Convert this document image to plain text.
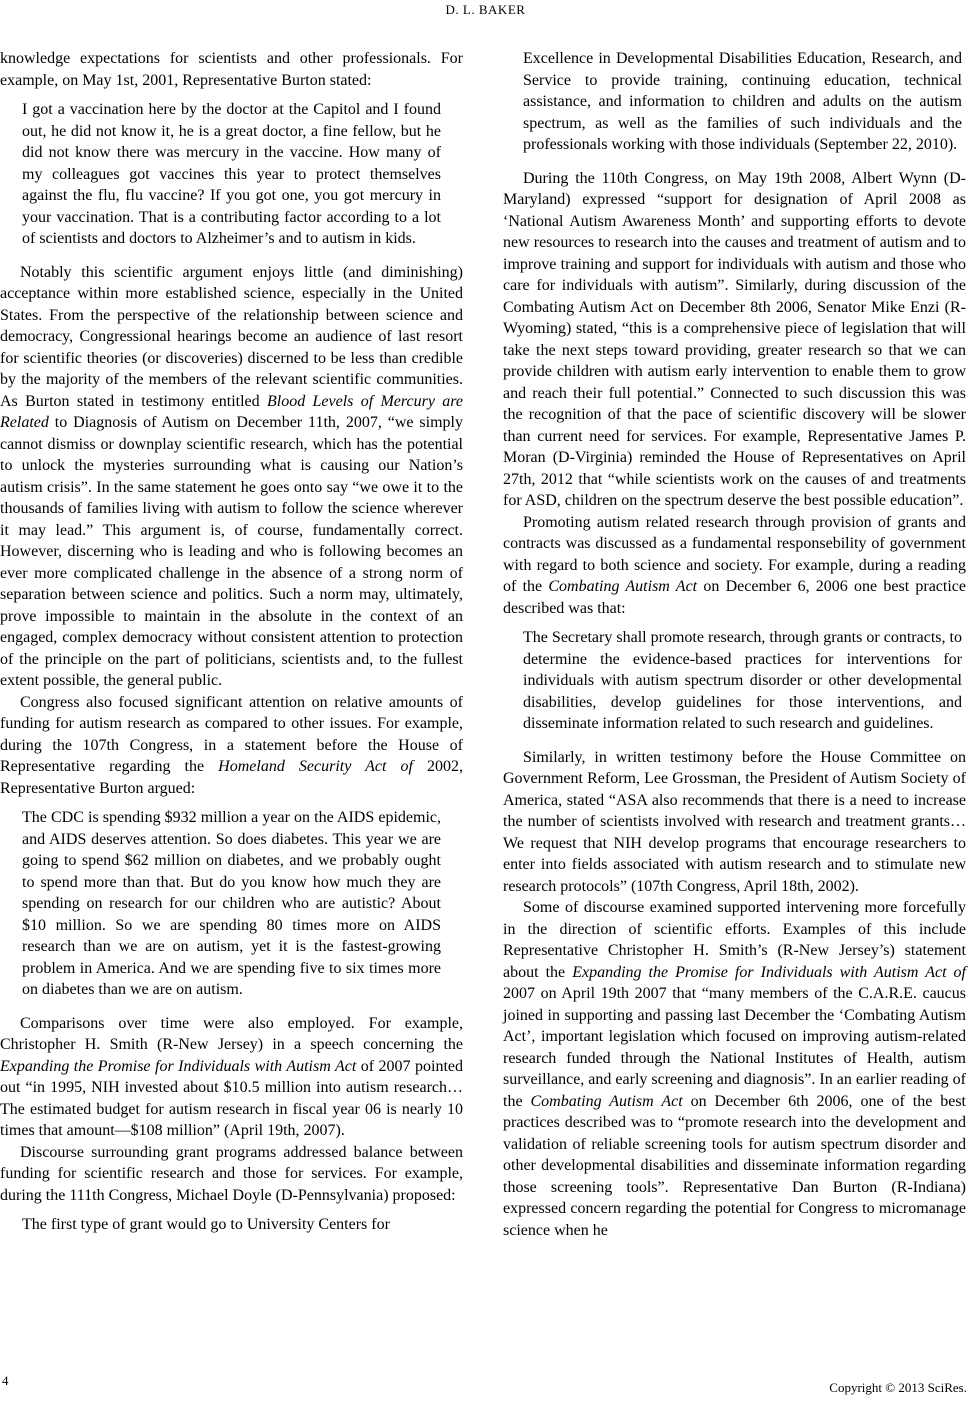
D. L. BAKER

knowledge expectations for scientists and other professionals. For example, on May 1st, 2001, Representative Burton stated:

I got a vaccination here by the doctor at the Capitol and I found out, he did not know it, he is a great doctor, a fine fellow, but he did not know there was mercury in the vaccine. How many of my colleagues got vaccines this year to protect themselves against the flu, flu vaccine? If you got one, you got mercury in your vaccination. That is a contributing factor according to a lot of scientists and doctors to Alzheimer’s and to autism in kids.

Notably this scientific argument enjoys little (and diminishing) acceptance within more established science, especially in the United States. From the perspective of the relationship between science and democracy, Congressional hearings become an audience of last resort for scientific theories (or discoveries) discerned to be less than credible by the majority of the members of the relevant scientific communities. As Burton stated in testimony entitled Blood Levels of Mercury are Related to Diagnosis of Autism on December 11th, 2007, “we simply cannot dismiss or downplay scientific research, which has the potential to unlock the mysteries surrounding what is causing our Nation’s autism crisis”. In the same statement he goes onto say “we owe it to the thousands of families living with autism to follow the science wherever it may lead.” This argument is, of course, fundamentally correct. However, discerning who is leading and who is following becomes an ever more complicated challenge in the absence of a strong norm of separation between science and politics. Such a norm may, ultimately, prove impossible to maintain in the absolute in the context of an engaged, complex democracy without consistent attention to protection of the principle on the part of politicians, scientists and, to the fullest extent possible, the general public.

Congress also focused significant attention on relative amounts of funding for autism research as compared to other issues. For example, during the 107th Congress, in a statement before the House of Representative regarding the Homeland Security Act of 2002, Representative Burton argued:

The CDC is spending $932 million a year on the AIDS epidemic, and AIDS deserves attention. So does diabetes. This year we are going to spend $62 million on diabetes, and we probably ought to spend more than that. But do you know how much they are spending on research for our children who are autistic? About $10 million. So we are spending 80 times more on AIDS research than we are on autism, yet it is the fastest-growing problem in America. And we are spending five to six times more on diabetes than we are on autism.

Comparisons over time were also employed. For example, Christopher H. Smith (R-New Jersey) in a speech concerning the Expanding the Promise for Individuals with Autism Act of 2007 pointed out “in 1995, NIH invested about $10.5 million into autism research… The estimated budget for autism research in fiscal year 06 is nearly 10 times that amount—$108 million” (April 19th, 2007).

Discourse surrounding grant programs addressed balance between funding for scientific research and those for services. For example, during the 111th Congress, Michael Doyle (D-Pennsylvania) proposed:

The first type of grant would go to University Centers for

Excellence in Developmental Disabilities Education, Research, and Service to provide training, continuing education, technical assistance, and information to children and adults on the autism spectrum, as well as the families of such individuals and the professionals working with those individuals (September 22, 2010).

During the 110th Congress, on May 19th 2008, Albert Wynn (D-Maryland) expressed “support for designation of April 2008 as ‘National Autism Awareness Month’ and supporting efforts to devote new resources to research into the causes and treatment of autism and to improve training and support for individuals with autism and those who care for individuals with autism”. Similarly, during discussion of the Combating Autism Act on December 8th 2006, Senator Mike Enzi (R-Wyoming) stated, “this is a comprehensive piece of legislation that will take the next steps toward providing, greater research so that we can provide children with autism early intervention to enable them to grow and reach their full potential.” Connected to such discussion this was the recognition of that the pace of scientific discovery will be slower than current need for services. For example, Representative James P. Moran (D-Virginia) reminded the House of Representatives on April 27th, 2012 that “while scientists work on the causes of and treatments for ASD, children on the spectrum deserve the best possible education”.

Promoting autism related research through provision of grants and contracts was discussed as a fundamental responsebility of government with regard to both science and society. For example, during a reading of the Combating Autism Act on December 6, 2006 one best practice described was that:

The Secretary shall promote research, through grants or contracts, to determine the evidence-based practices for interventions for individuals with autism spectrum disorder or other developmental disabilities, develop guidelines for those interventions, and disseminate information related to such research and guidelines.

Similarly, in written testimony before the House Committee on Government Reform, Lee Grossman, the President of Autism Society of America, stated “ASA also recommends that there is a need to increase the number of scientists involved with research and treatment grants…We request that NIH develop programs that encourage researchers to enter into fields associated with autism research and to stimulate new research protocols” (107th Congress, April 18th, 2002).

Some of discourse examined supported intervening more forcefully in the direction of scientific efforts. Examples of this include Representative Christopher H. Smith’s (R-New Jersey’s) statement about the Expanding the Promise for Individuals with Autism Act of 2007 on April 19th 2007 that “many members of the C.A.R.E. caucus joined in supporting and passing last December the ‘Combating Autism Act’, important legislation which focused on improving autism-related research funded through the National Institutes of Health, autism surveillance, and early screening and diagnosis”. In an earlier reading of the Combating Autism Act on December 6th 2006, one of the best practices described was to “promote research into the development and validation of reliable screening tools for autism spectrum disorder and other developmental disabilities and disseminate information regarding those screening tools”. Representative Dan Burton (R-Indiana) expressed concern regarding the potential for Congress to micromanage science when he

4	Copyright © 2013 SciRes.
